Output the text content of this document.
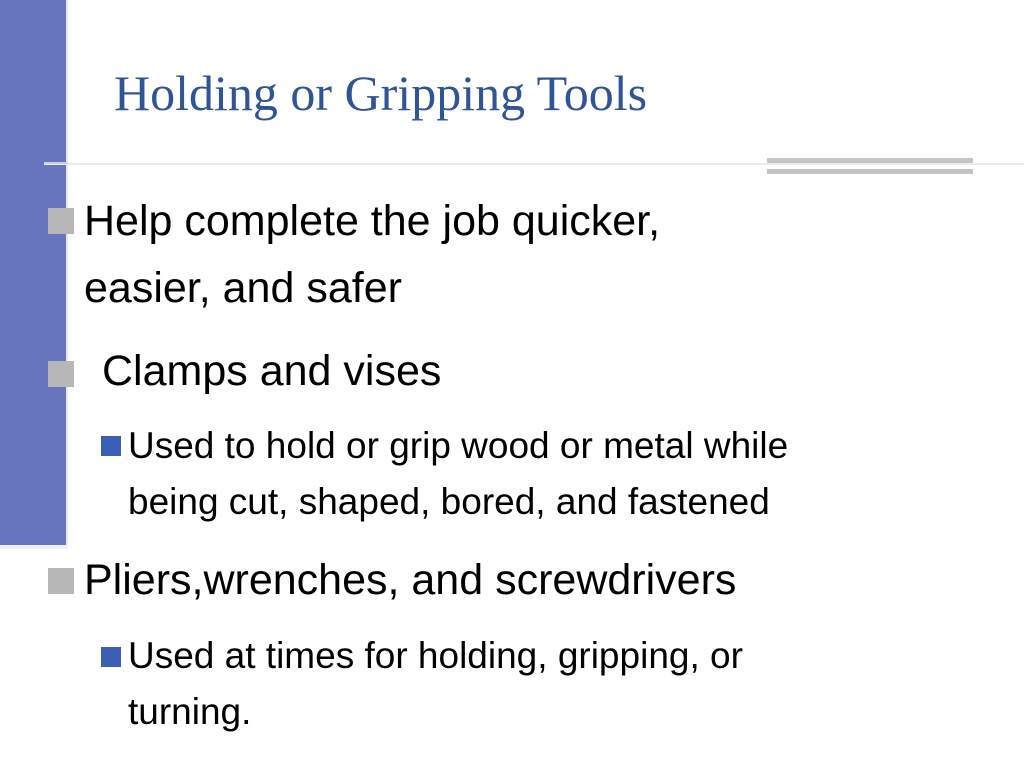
Holding or Gripping Tools
Help complete the job quicker,
easier, and safer
Clamps and vises
Used to hold or grip wood or metal while
being cut, shaped, bored, and fastened
Pliers,wrenches, and screwdrivers
Used at times for holding, gripping, or
turning.
